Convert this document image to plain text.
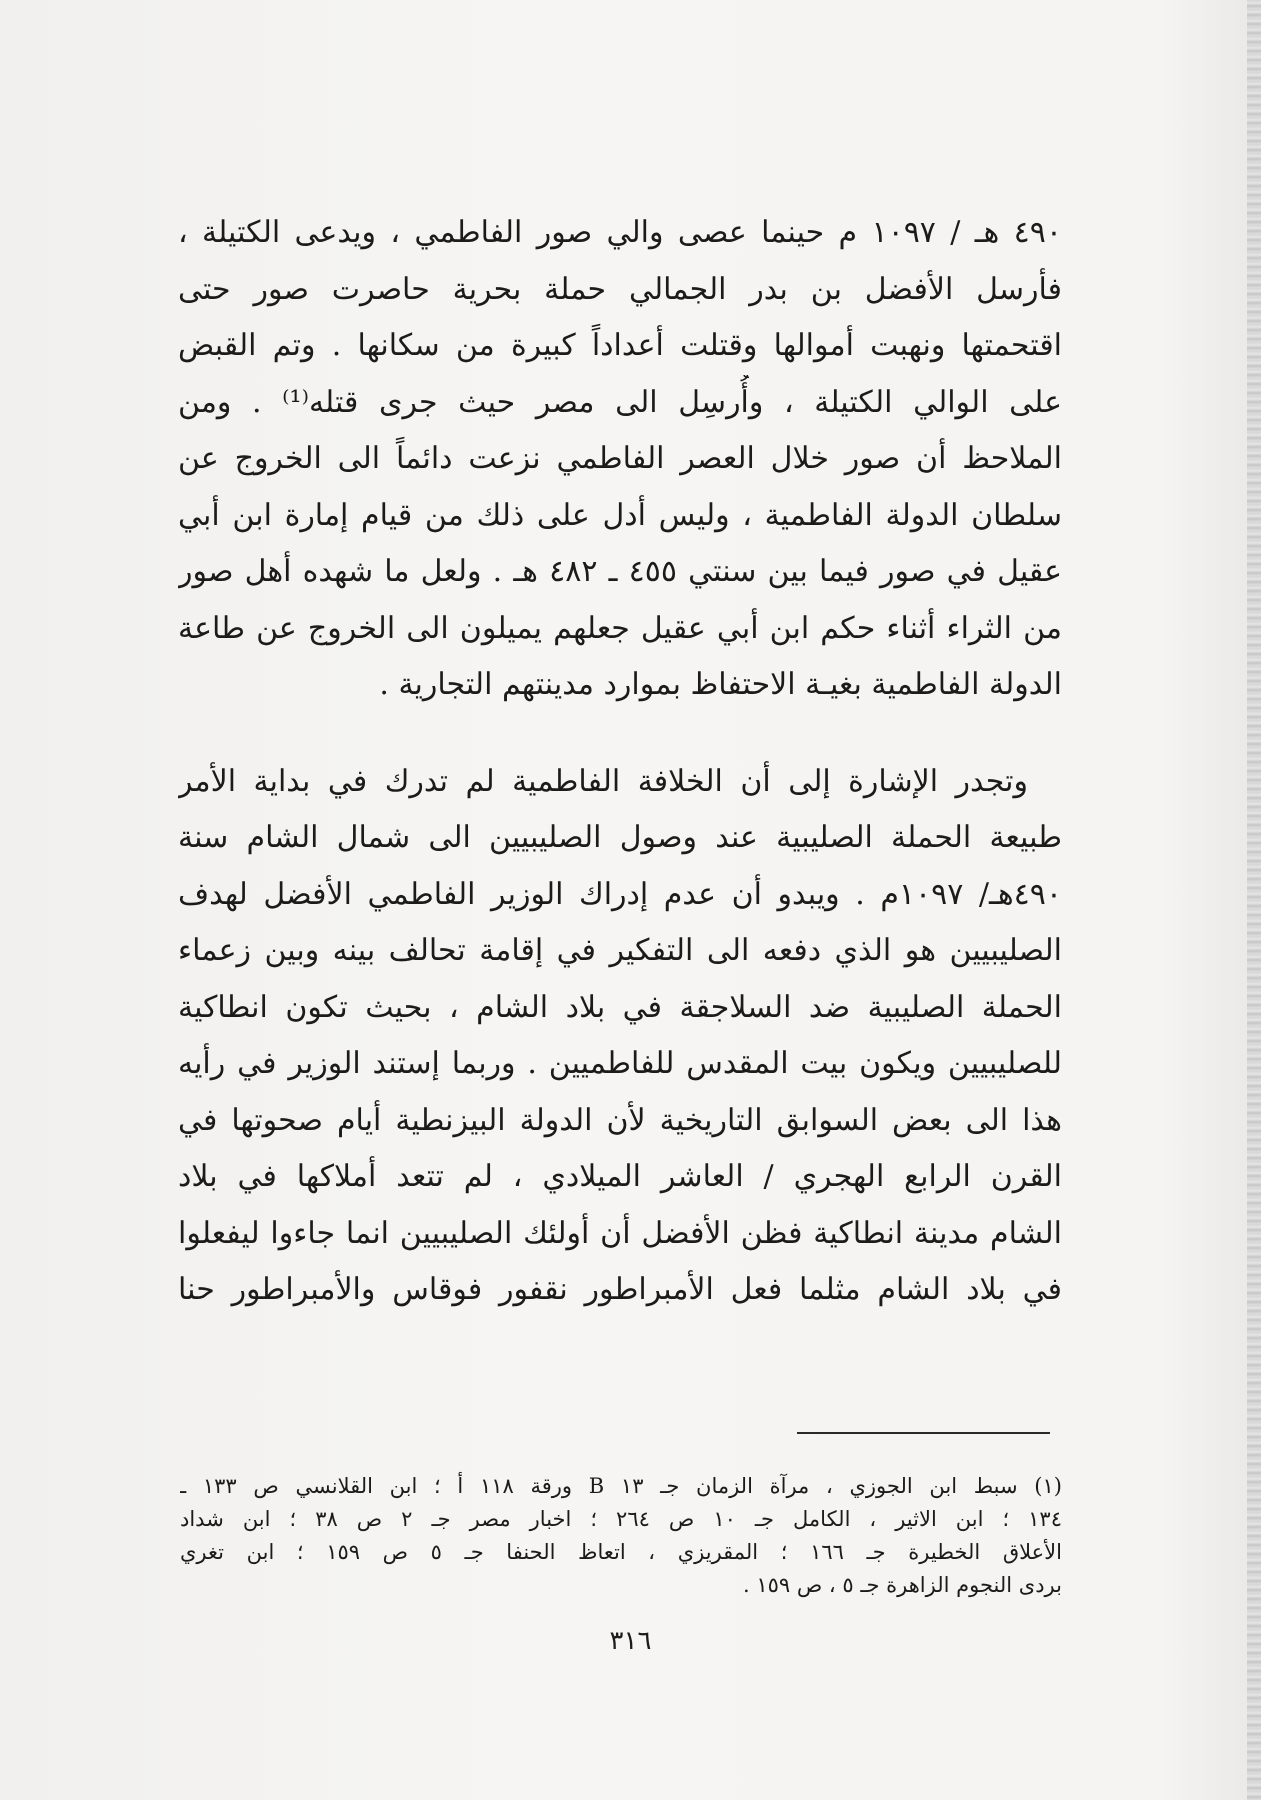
٤٩٠ هـ / ١٠٩٧ م حينما عصى والي صور الفاطمي ، ويدعى الكتيلة ،
فأرسل الأفضل بن بدر الجمالي حملة بحرية حاصرت صور حتى
اقتحمتها ونهبت أموالها وقتلت أعداداً كبيرة من سكانها . وتم القبض
على الوالي الكتيلة ، وأُرسِل الى مصر حيث جرى قتله⁽¹⁾ . ومن
الملاحظ أن صور خلال العصر الفاطمي نزعت دائماً الى الخروج عن
سلطان الدولة الفاطمية ، وليس أدل على ذلك من قيام إمارة ابن أبي
عقيل في صور فيما بين سنتي ٤٥٥ ـ ٤٨٢ هـ . ولعل ما شهده أهل صور
من الثراء أثناء حكم ابن أبي عقيل جعلهم يميلون الى الخروج عن طاعة
الدولة الفاطمية بغيـة الاحتفاظ بموارد مدينتهم التجارية .
وتجدر الإشارة إلى أن الخلافة الفاطمية لم تدرك في بداية الأمر
طبيعة الحملة الصليبية عند وصول الصليبيين الى شمال الشام سنة
٤٩٠هـ/ ١٠٩٧م . ويبدو أن عدم إدراك الوزير الفاطمي الأفضل لهدف
الصليبيين هو الذي دفعه الى التفكير في إقامة تحالف بينه وبين زعماء
الحملة الصليبية ضد السلاجقة في بلاد الشام ، بحيث تكون انطاكية
للصليبيين ويكون بيت المقدس للفاطميين . وربما إستند الوزير في رأيه
هذا الى بعض السوابق التاريخية لأن الدولة البيزنطية أيام صحوتها في
القرن الرابع الهجري / العاشر الميلادي ، لم تتعد أملاكها في بلاد
الشام مدينة انطاكية فظن الأفضل أن أولئك الصليبيين انما جاءوا ليفعلوا
في بلاد الشام مثلما فعل الأمبراطور نقفور فوقاس والأمبراطور حنا
(١) سبط ابن الجوزي ، مرآة الزمان جـ ١٣ B ورقة ١١٨ أ ؛ ابن القلانسي ص ١٣٣ ـ
١٣٤ ؛ ابن الاثير ، الكامل جـ ١٠ ص ٢٦٤ ؛ اخبار مصر جـ ٢ ص ٣٨ ؛ ابن شداد
الأعلاق الخطيرة جـ ١٦٦ ؛ المقريزي ، اتعاظ الحنفا جـ ٥ ص ١٥٩ ؛ ابن تغري
بردى النجوم الزاهرة جـ ٥ ، ص ١٥٩ .
٣١٦
